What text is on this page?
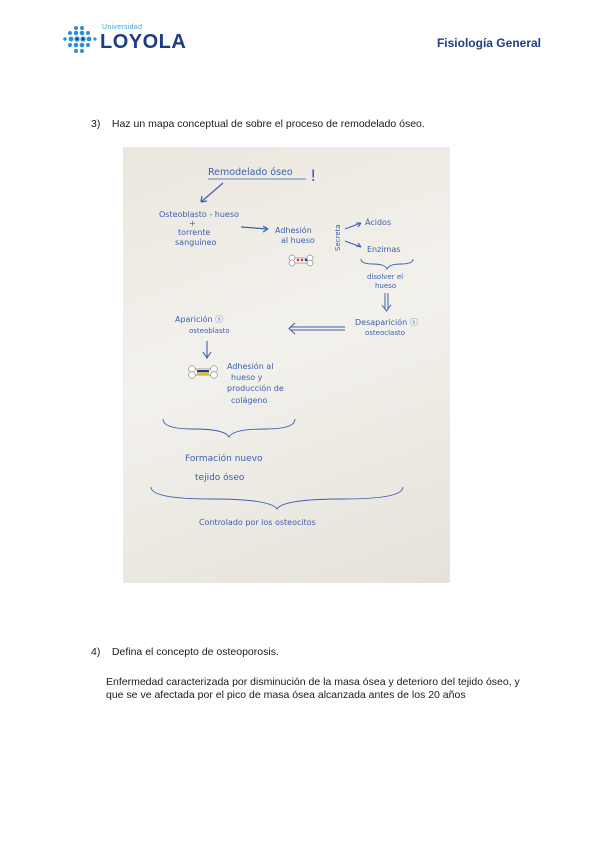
Universidad
LOYOLA	Fisiología General
3) Haz un mapa conceptual de sobre el proceso de remodelado óseo.
Remodelado óseo !
Osteoblasto - hueso
+
torrente
sanguíneo
Adhesión
al hueso	Secreta
Ácidos
Enzimas
disolver el
hueso
Desaparición ⓢ
osteoclasto
Aparición ⓢ
osteoblasto
Adhesión al
hueso y
producción de
colágeno
Formación nuevo
tejido óseo
Controlado por los osteocitos
4) Defina el concepto de osteoporosis.
Enfermedad caracterizada por disminución de la masa ósea y deterioro del tejido óseo, y que se ve afectada por el pico de masa ósea alcanzada antes de los 20 años
